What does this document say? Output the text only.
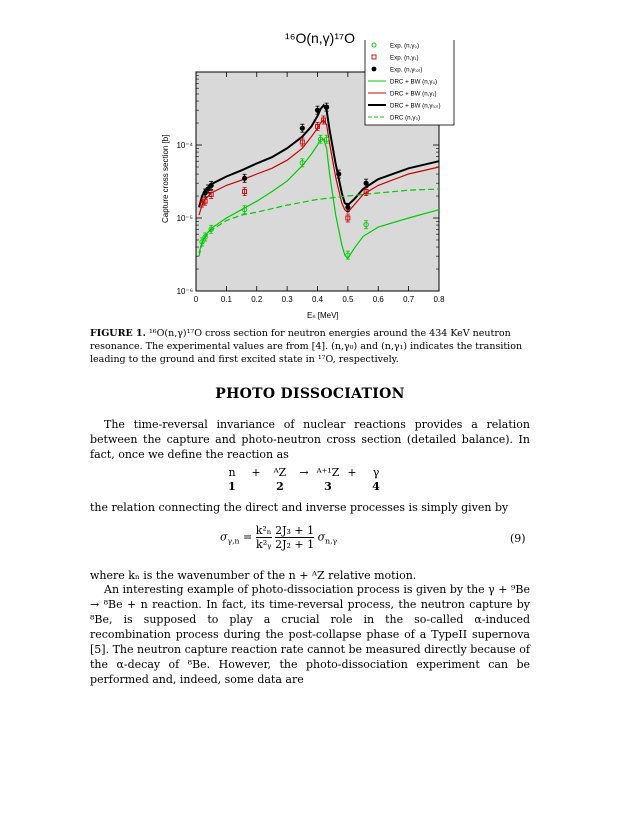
¹⁶O(n,γ)¹⁷O
0	0.1 0.2 0.3 0.4 0.5 0.6 0.7 0.8
10⁻⁶
10⁻⁵
10⁻⁴
Capture cross section [b]
Eₙ [MeV]
Exp. (n,γ₀)
Exp. (n,γ₁)
Exp. (n,γₜₒₜ)
DRC + BW (n,γ₀)
DRC + BW (n,γ₁)
DRC + BW (n,γₜₒₜ)
DRC (n,γ₀)
FIGURE 1. ¹⁶O(n,γ)¹⁷O cross section for neutron energies around the 434 KeV neutron resonance. The experimental values are from [4]. (n,γ₀) and (n,γ₁) indicates the transition leading to the ground and first excited state in ¹⁷O, respectively.
PHOTO DISSOCIATION
The time-reversal invariance of nuclear reactions provides a relation between the capture and photo-neutron cross section (detailed balance). In fact, once we define the reaction as
n	+	ᴬZ	→	ᴬ⁺¹Z	+	γ
1		2		3		4
the relation connecting the direct and inverse processes is simply given by
$\sigma_{\gamma,n} = \frac{\text{k²ₙ}}{\text{k²ᵧ}}$
$\frac{\text{2J₃ + 1}}{\text{2J₂ + 1}} \sigma_{n,\gamma}$	(9)
where kₙ is the wavenumber of the n + ᴬZ relative motion.
An interesting example of photo-dissociation process is given by the γ + ⁹Be → ⁸Be + n reaction. In fact, its time-reversal process, the neutron capture by ⁸Be, is supposed to play a crucial role in the so-called α-induced recombination process during the post-collapse phase of a TypeII supernova [5]. The neutron capture reaction rate cannot be measured directly because of the α-decay of ⁸Be. However, the photo-dissociation experiment can be performed and, indeed, some data are
